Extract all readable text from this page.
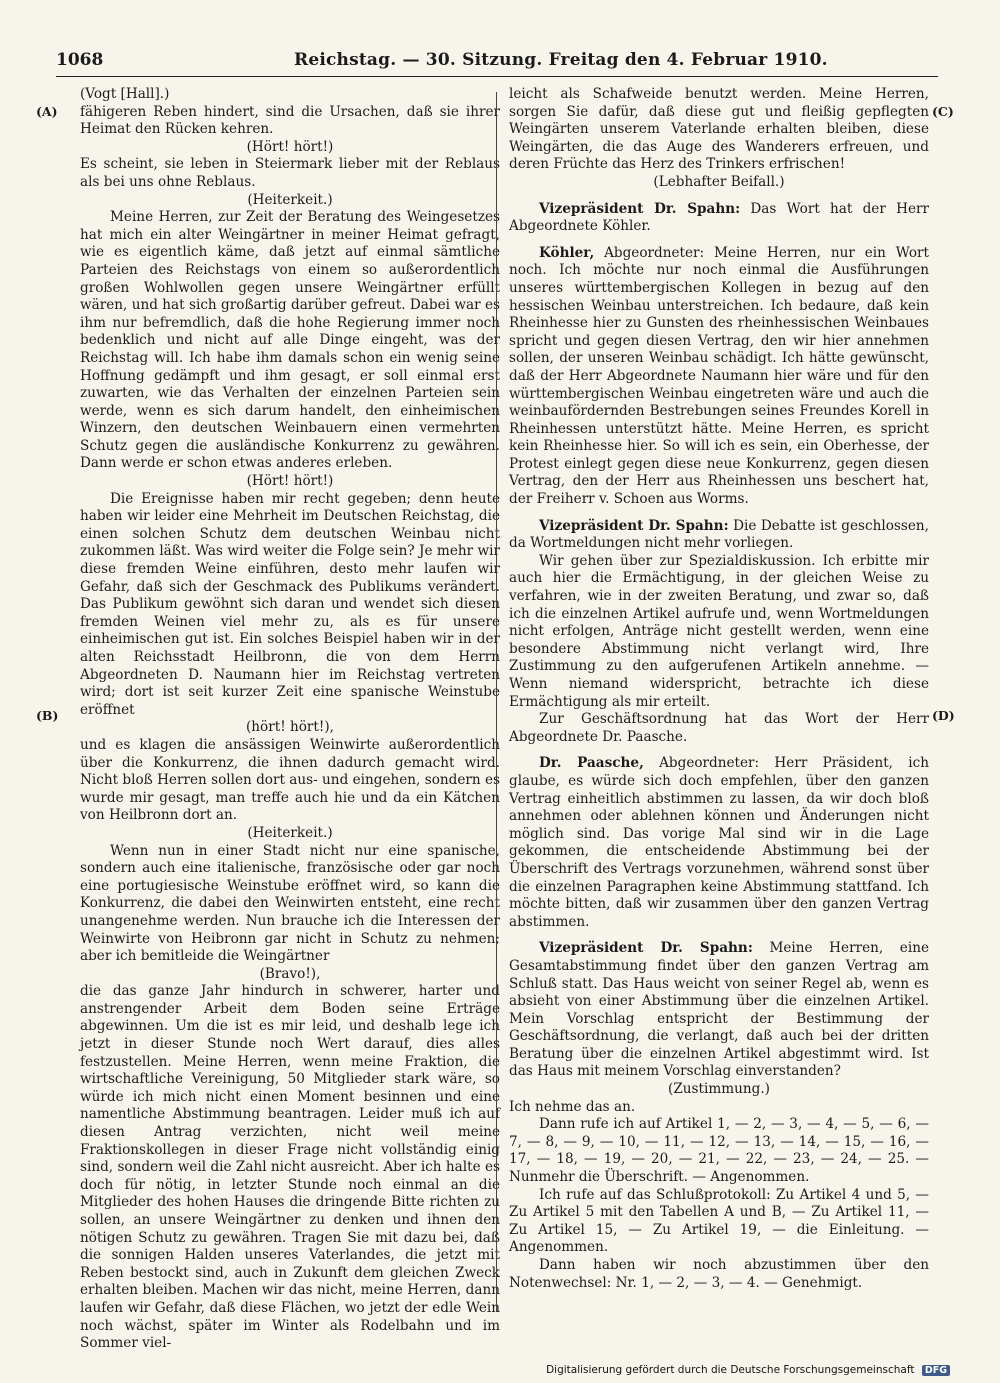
1068	Reichstag. — 30. Sitzung. Freitag den 4. Februar 1910.
(A)
(B)
(C)
(D)

(Vogt [Hall].)

fähigeren Reben hindert, sind die Ursachen, daß sie ihrer Heimat den Rücken kehren.

(Hört! hört!)

Es scheint, sie leben in Steiermark lieber mit der Reblaus als bei uns ohne Reblaus.

(Heiterkeit.)

Meine Herren, zur Zeit der Beratung des Weingesetzes hat mich ein alter Weingärtner in meiner Heimat gefragt, wie es eigentlich käme, daß jetzt auf einmal sämtliche Parteien des Reichstags von einem so außerordentlich großen Wohlwollen gegen unsere Weingärtner erfüllt wären, und hat sich großartig darüber gefreut. Dabei war es ihm nur befremdlich, daß die hohe Regierung immer noch bedenklich und nicht auf alle Dinge eingeht, was der Reichstag will. Ich habe ihm damals schon ein wenig seine Hoffnung gedämpft und ihm gesagt, er soll einmal erst zuwarten, wie das Verhalten der einzelnen Parteien sein werde, wenn es sich darum handelt, den einheimischen Winzern, den deutschen Weinbauern einen vermehrten Schutz gegen die ausländische Konkurrenz zu gewähren. Dann werde er schon etwas anderes erleben.

(Hört! hört!)

Die Ereignisse haben mir recht gegeben; denn heute haben wir leider eine Mehrheit im Deutschen Reichstag, die einen solchen Schutz dem deutschen Weinbau nicht zukommen läßt. Was wird weiter die Folge sein? Je mehr wir diese fremden Weine einführen, desto mehr laufen wir Gefahr, daß sich der Geschmack des Publikums verändert. Das Publikum gewöhnt sich daran und wendet sich diesen fremden Weinen viel mehr zu, als es für unsere einheimischen gut ist. Ein solches Beispiel haben wir in der alten Reichsstadt Heilbronn, die von dem Herrn Abgeordneten D. Naumann hier im Reichstag vertreten wird; dort ist seit kurzer Zeit eine spanische Weinstube eröffnet

(hört! hört!),

und es klagen die ansässigen Weinwirte außerordentlich über die Konkurrenz, die ihnen dadurch gemacht wird. Nicht bloß Herren sollen dort aus- und eingehen, sondern es wurde mir gesagt, man treffe auch hie und da ein Kätchen von Heilbronn dort an.

(Heiterkeit.)

Wenn nun in einer Stadt nicht nur eine spanische, sondern auch eine italienische, französische oder gar noch eine portugiesische Weinstube eröffnet wird, so kann die Konkurrenz, die dabei den Weinwirten entsteht, eine recht unangenehme werden. Nun brauche ich die Interessen der Weinwirte von Heibronn gar nicht in Schutz zu nehmen; aber ich bemitleide die Weingärtner

(Bravo!),

die das ganze Jahr hindurch in schwerer, harter und anstrengender Arbeit dem Boden seine Erträge abgewinnen. Um die ist es mir leid, und deshalb lege ich jetzt in dieser Stunde noch Wert darauf, dies alles festzustellen. Meine Herren, wenn meine Fraktion, die wirtschaftliche Vereinigung, 50 Mitglieder stark wäre, so würde ich mich nicht einen Moment besinnen und eine namentliche Abstimmung beantragen. Leider muß ich auf diesen Antrag verzichten, nicht weil meine Fraktionskollegen in dieser Frage nicht vollständig einig sind, sondern weil die Zahl nicht ausreicht. Aber ich halte es doch für nötig, in letzter Stunde noch einmal an die Mitglieder des hohen Hauses die dringende Bitte richten zu sollen, an unsere Weingärtner zu denken und ihnen den nötigen Schutz zu gewähren. Tragen Sie mit dazu bei, daß die sonnigen Halden unseres Vaterlandes, die jetzt mit Reben bestockt sind, auch in Zukunft dem gleichen Zweck erhalten bleiben. Machen wir das nicht, meine Herren, dann laufen wir Gefahr, daß diese Flächen, wo jetzt der edle Wein noch wächst, später im Winter als Rodelbahn und im Sommer viel-

leicht als Schafweide benutzt werden. Meine Herren, sorgen Sie dafür, daß diese gut und fleißig gepflegten Weingärten unserem Vaterlande erhalten bleiben, diese Weingärten, die das Auge des Wanderers erfreuen, und deren Früchte das Herz des Trinkers erfrischen!

(Lebhafter Beifall.)

Vizepräsident Dr. Spahn: Das Wort hat der Herr Abgeordnete Köhler.

Köhler, Abgeordneter: Meine Herren, nur ein Wort noch. Ich möchte nur noch einmal die Ausführungen unseres württembergischen Kollegen in bezug auf den hessischen Weinbau unterstreichen. Ich bedaure, daß kein Rheinhesse hier zu Gunsten des rheinhessischen Weinbaues spricht und gegen diesen Vertrag, den wir hier annehmen sollen, der unseren Weinbau schädigt. Ich hätte gewünscht, daß der Herr Abgeordnete Naumann hier wäre und für den württembergischen Weinbau eingetreten wäre und auch die weinbaufördernden Bestrebungen seines Freundes Korell in Rheinhessen unterstützt hätte. Meine Herren, es spricht kein Rheinhesse hier. So will ich es sein, ein Oberhesse, der Protest einlegt gegen diese neue Konkurrenz, gegen diesen Vertrag, den der Herr aus Rheinhessen uns beschert hat, der Freiherr v. Schoen aus Worms.

Vizepräsident Dr. Spahn: Die Debatte ist geschlossen, da Wortmeldungen nicht mehr vorliegen.

Wir gehen über zur Spezialdiskussion. Ich erbitte mir auch hier die Ermächtigung, in der gleichen Weise zu verfahren, wie in der zweiten Beratung, und zwar so, daß ich die einzelnen Artikel aufrufe und, wenn Wortmeldungen nicht erfolgen, Anträge nicht gestellt werden, wenn eine besondere Abstimmung nicht verlangt wird, Ihre Zustimmung zu den aufgerufenen Artikeln annehme. — Wenn niemand widerspricht, betrachte ich diese Ermächtigung als mir erteilt.

Zur Geschäftsordnung hat das Wort der Herr Abgeordnete Dr. Paasche.

Dr. Paasche, Abgeordneter: Herr Präsident, ich glaube, es würde sich doch empfehlen, über den ganzen Vertrag einheitlich abstimmen zu lassen, da wir doch bloß annehmen oder ablehnen können und Änderungen nicht möglich sind. Das vorige Mal sind wir in die Lage gekommen, die entscheidende Abstimmung bei der Überschrift des Vertrags vorzunehmen, während sonst über die einzelnen Paragraphen keine Abstimmung stattfand. Ich möchte bitten, daß wir zusammen über den ganzen Vertrag abstimmen.

Vizepräsident Dr. Spahn: Meine Herren, eine Gesamtabstimmung findet über den ganzen Vertrag am Schluß statt. Das Haus weicht von seiner Regel ab, wenn es absieht von einer Abstimmung über die einzelnen Artikel. Mein Vorschlag entspricht der Bestimmung der Geschäftsordnung, die verlangt, daß auch bei der dritten Beratung über die einzelnen Artikel abgestimmt wird. Ist das Haus mit meinem Vorschlag einverstanden?

(Zustimmung.)

Ich nehme das an.

Dann rufe ich auf Artikel 1, — 2, — 3, — 4, — 5, — 6, — 7, — 8, — 9, — 10, — 11, — 12, — 13, — 14, — 15, — 16, — 17, — 18, — 19, — 20, — 21, — 22, — 23, — 24, — 25. — Nunmehr die Überschrift. — Angenommen.

Ich rufe auf das Schlußprotokoll: Zu Artikel 4 und 5, — Zu Artikel 5 mit den Tabellen A und B, — Zu Artikel 11, — Zu Artikel 15, — Zu Artikel 19, — die Einleitung. — Angenommen.

Dann haben wir noch abzustimmen über den Notenwechsel: Nr. 1, — 2, — 3, — 4. — Genehmigt.

Digitalisierung gefördert durch die Deutsche Forschungsgemeinschaft DFG
